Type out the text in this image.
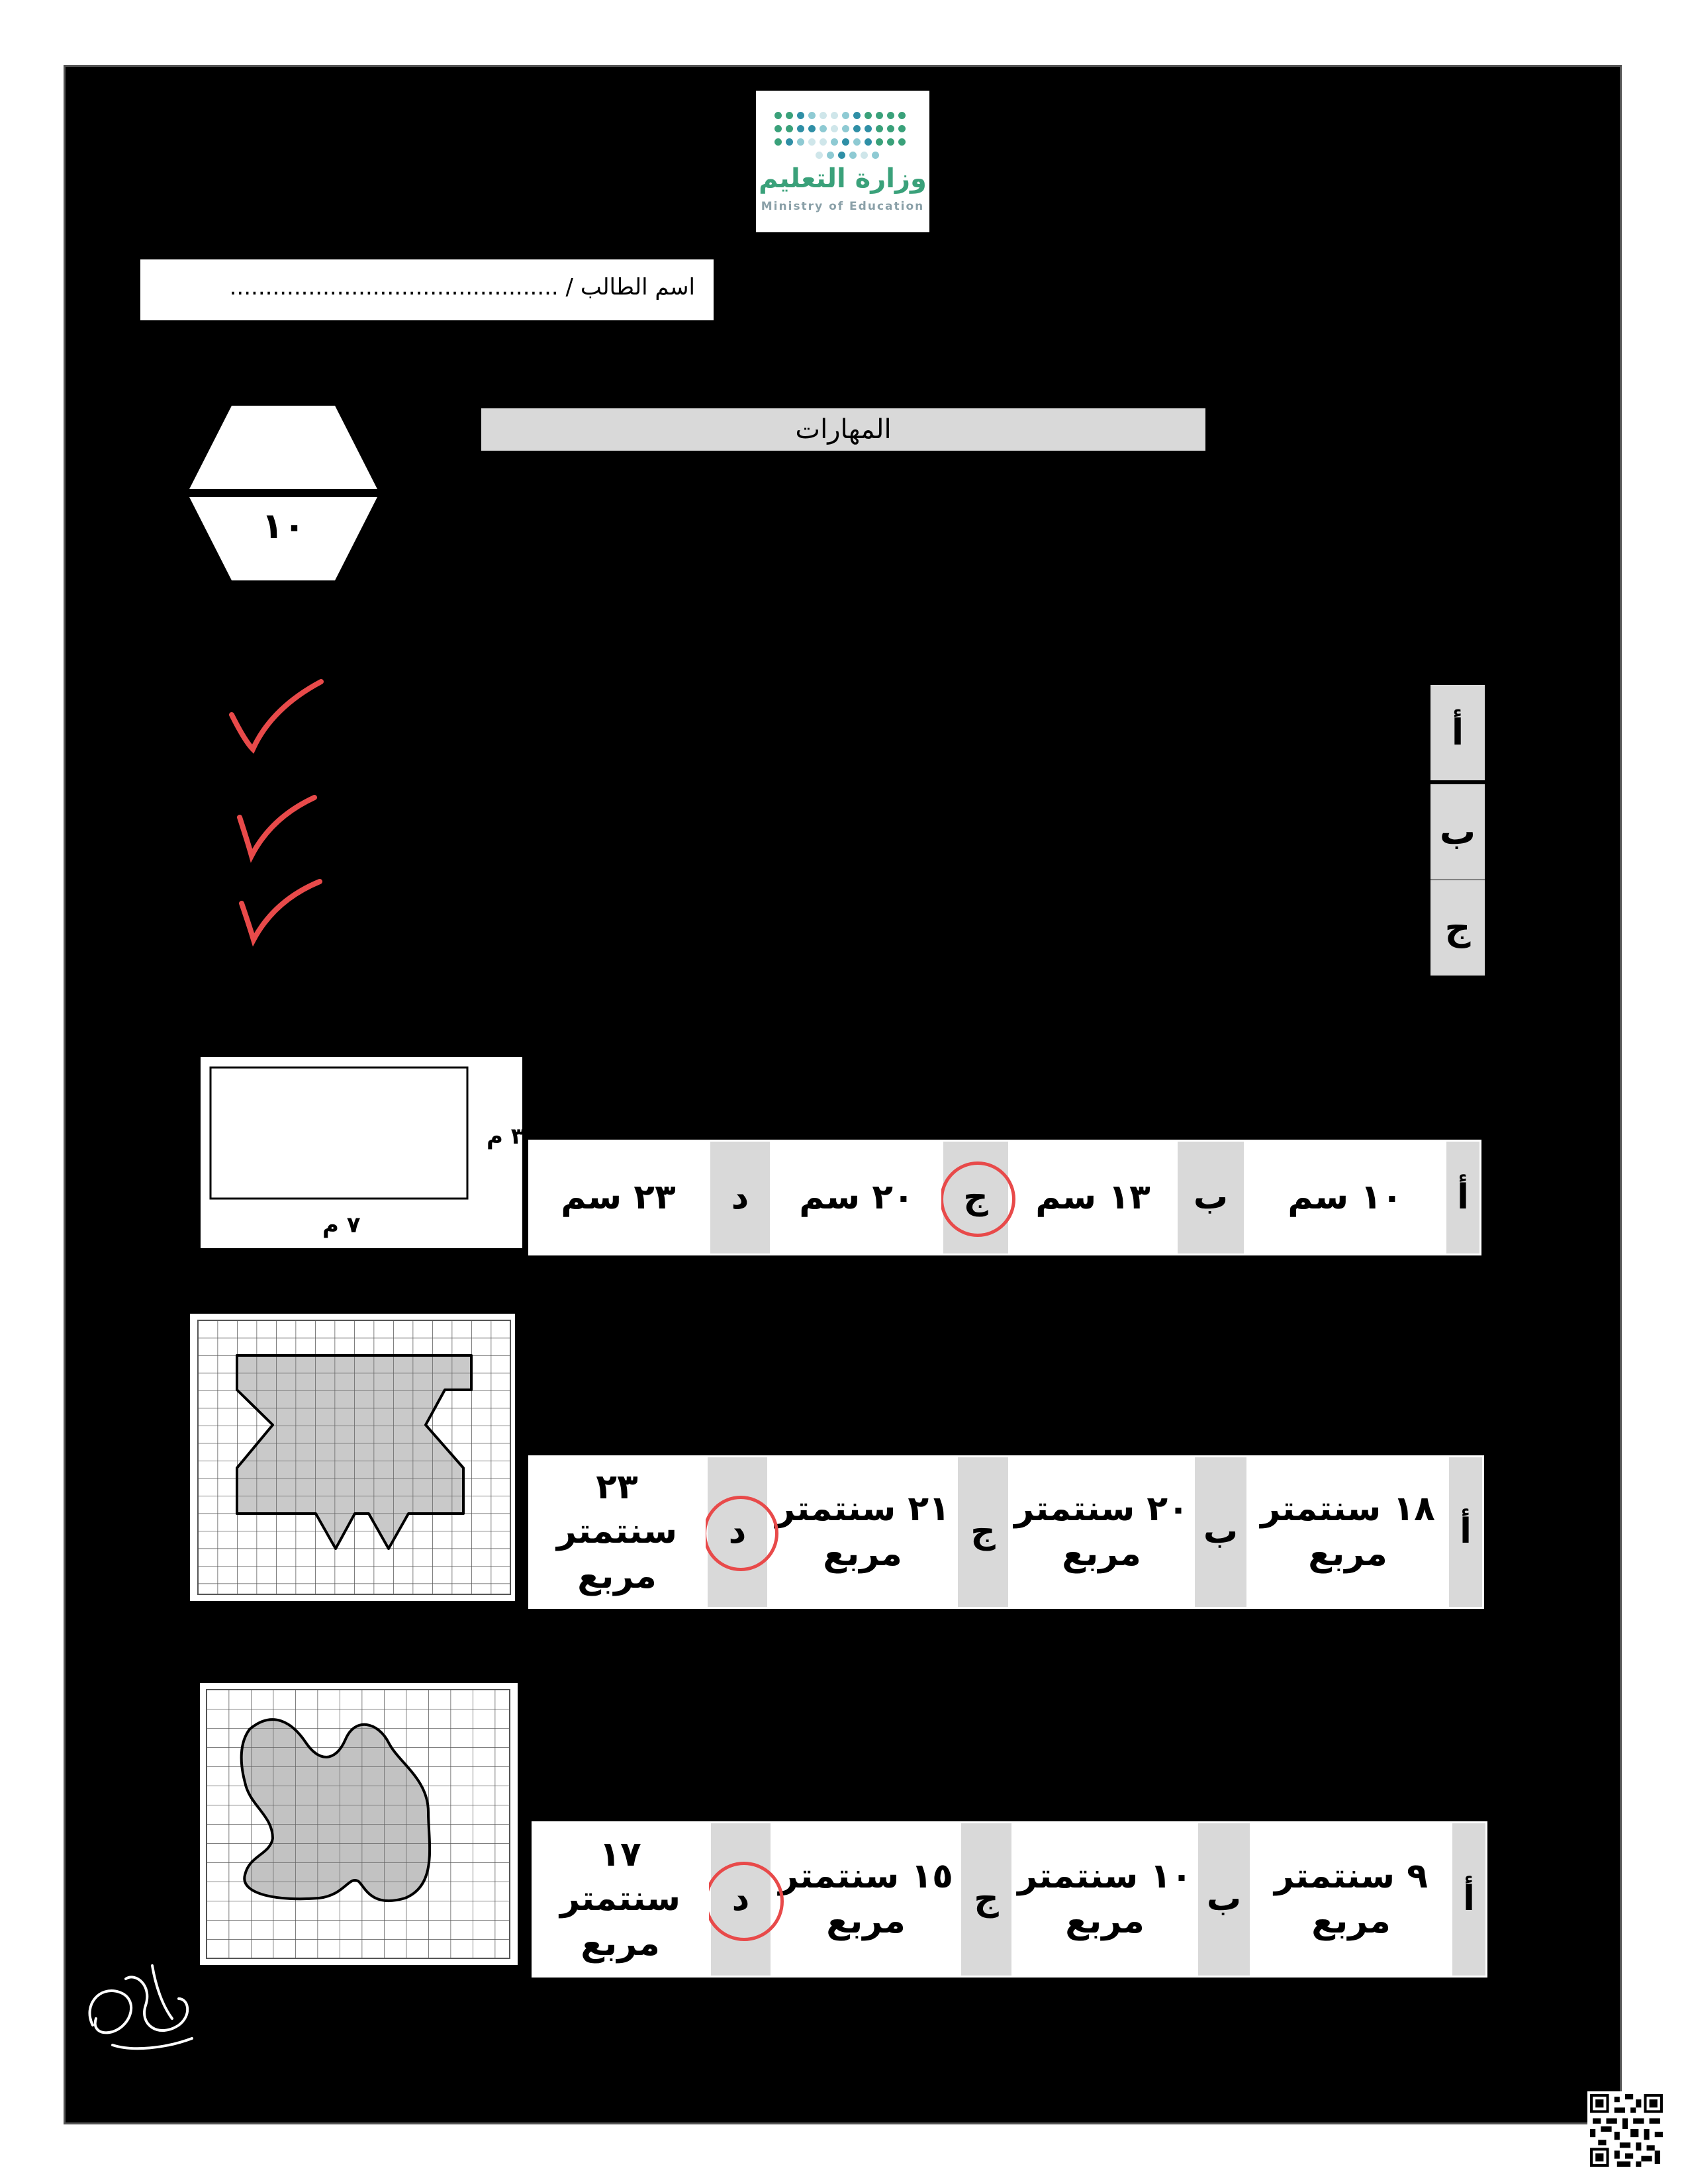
وزارة التعليم
Ministry of Education
اسم الطالب / ..............................................
المهارات
١٠
أ
ب
ج
٣ م
٧ م
أ
١٠ سم
ب
١٣ سم
ج
٢٠ سم
د
٢٣ سم
أ
١٨ سنتمتر مربع
ب
٢٠ سنتمتر مربع
ج
٢١ سنتمتر مربع
د
٢٣ سنتمتر مربع
أ
٩ سنتمتر مربع
ب
١٠ سنتمتر مربع
ج
١٥ سنتمتر مربع
د
١٧ سنتمتر مربع
